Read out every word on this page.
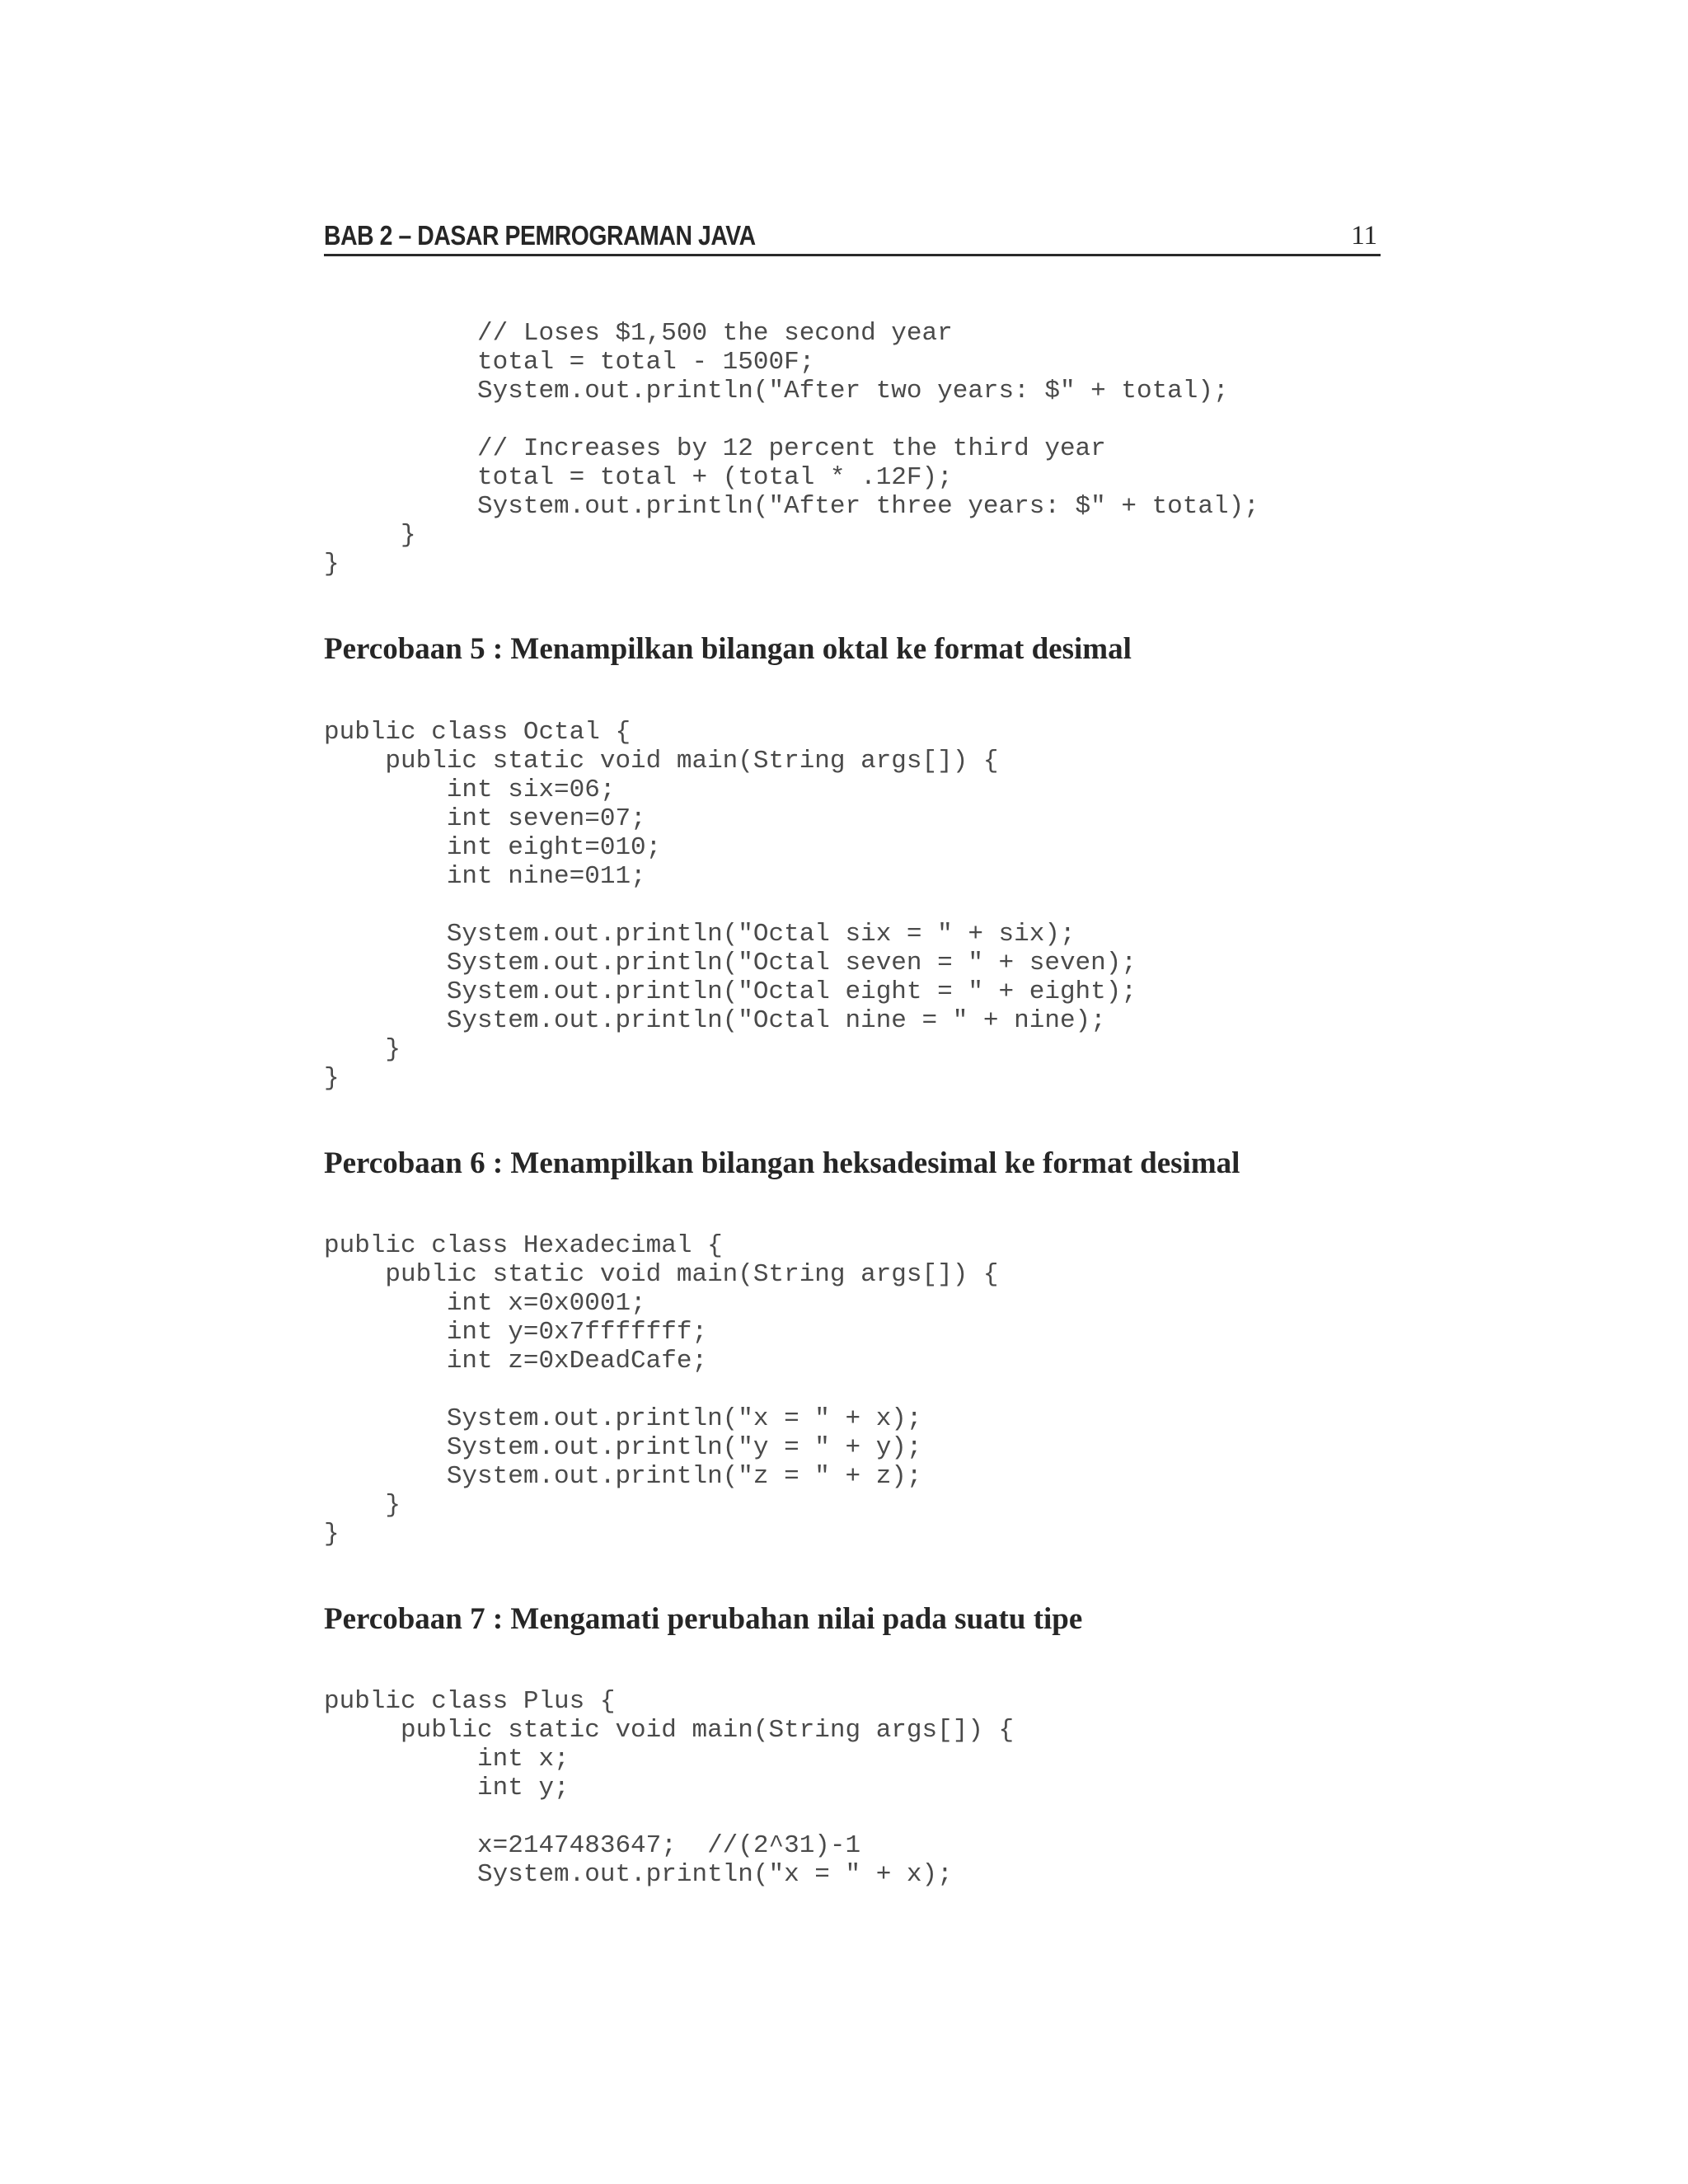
BAB 2 – DASAR PEMROGRAMAN JAVA	11
// Loses $1,500 the second year
total = total - 1500F;
System.out.println("After two years: $" + total);

// Increases by 12 percent the third year
total = total + (total * .12F);
System.out.println("After three years: $" + total);
}
}
Percobaan 5 : Menampilkan bilangan oktal ke format desimal
public class Octal {
public static void main(String args[]) {
int six=06;
int seven=07;
int eight=010;
int nine=011;

System.out.println("Octal six = " + six);
System.out.println("Octal seven = " + seven);
System.out.println("Octal eight = " + eight);
System.out.println("Octal nine = " + nine);
}
}
Percobaan 6 : Menampilkan bilangan heksadesimal ke format desimal
public class Hexadecimal {
public static void main(String args[]) {
int x=0x0001;
int y=0x7fffffff;
int z=0xDeadCafe;

System.out.println("x = " + x);
System.out.println("y = " + y);
System.out.println("z = " + z);
}
}
Percobaan 7 : Mengamati perubahan nilai pada suatu tipe
public class Plus {
public static void main(String args[]) {
int x;
int y;

x=2147483647;  //(2^31)-1
System.out.println("x = " + x);
